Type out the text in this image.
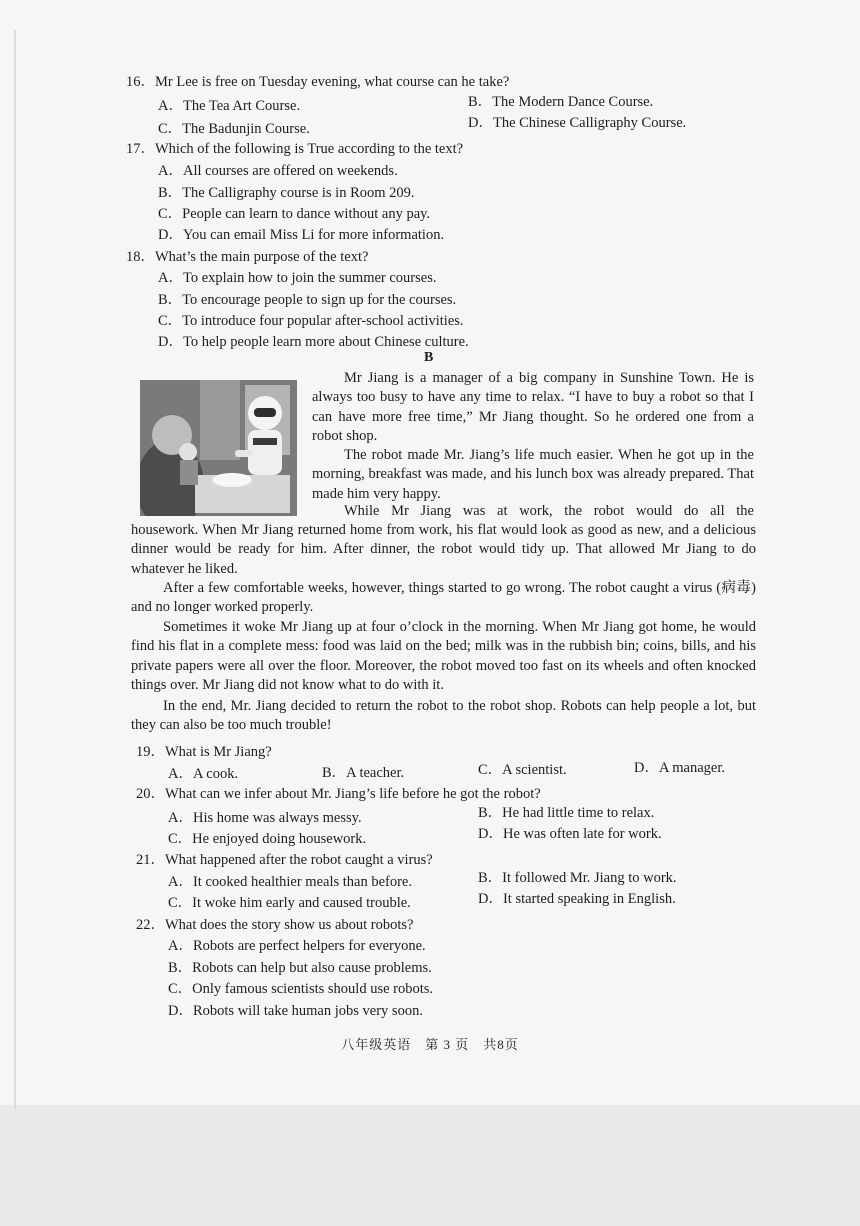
16．Mr Lee is free on Tuesday evening, what course can he take?
A．The Tea Art Course.	B．The Modern Dance Course.
C．The Badunjin Course.	D．The Chinese Calligraphy Course.
17．Which of the following is True according to the text?
A．All courses are offered on weekends.
B．The Calligraphy course is in Room 209.
C．People can learn to dance without any pay.
D．You can email Miss Li for more information.
18．What’s the main purpose of the text?
A．To explain how to join the summer courses.
B．To encourage people to sign up for the courses.
C．To introduce four popular after-school activities.
D．To help people learn more about Chinese culture.
B
Mr Jiang is a manager of a big company in Sunshine Town. He is always too busy to have any time to relax. “I have to buy a robot so that I can have more free time,” Mr Jiang thought. So he ordered one from a robot shop.
The robot made Mr. Jiang’s life much easier. When he got up in the morning, breakfast was made, and his lunch box was already prepared. That made him very happy.
While Mr Jiang was at work, the robot would do all the
housework. When Mr Jiang returned home from work, his flat would look as good as new, and a delicious dinner would be ready for him. After dinner, the robot would tidy up. That allowed Mr Jiang to do whatever he liked.
After a few comfortable weeks, however, things started to go wrong. The robot caught a virus (病毒) and no longer worked properly.
Sometimes it woke Mr Jiang up at four o’clock in the morning. When Mr Jiang got home, he would find his flat in a complete mess: food was laid on the bed; milk was in the rubbish bin; coins, bills, and his private papers were all over the floor. Moreover, the robot moved too fast on its wheels and often knocked things over. Mr Jiang did not know what to do with it.
In the end, Mr. Jiang decided to return the robot to the robot shop. Robots can help people a lot, but they can also be too much trouble!
19．What is Mr Jiang?
A．A cook.	B．A teacher.	C．A scientist.	D．A manager.
20．What can we infer about Mr. Jiang’s life before he got the robot?
A．His home was always messy.	B．He had little time to relax.
C．He enjoyed doing housework.	D．He was often late for work.
21．What happened after the robot caught a virus?
A．It cooked healthier meals than before.	B．It followed Mr. Jiang to work.
C．It woke him early and caused trouble.	D．It started speaking in English.
22．What does the story show us about robots?
A．Robots are perfect helpers for everyone.
B．Robots can help but also cause problems.
C．Only famous scientists should use robots.
D．Robots will take human jobs very soon.
八年级英语　第 3 页　共8页
